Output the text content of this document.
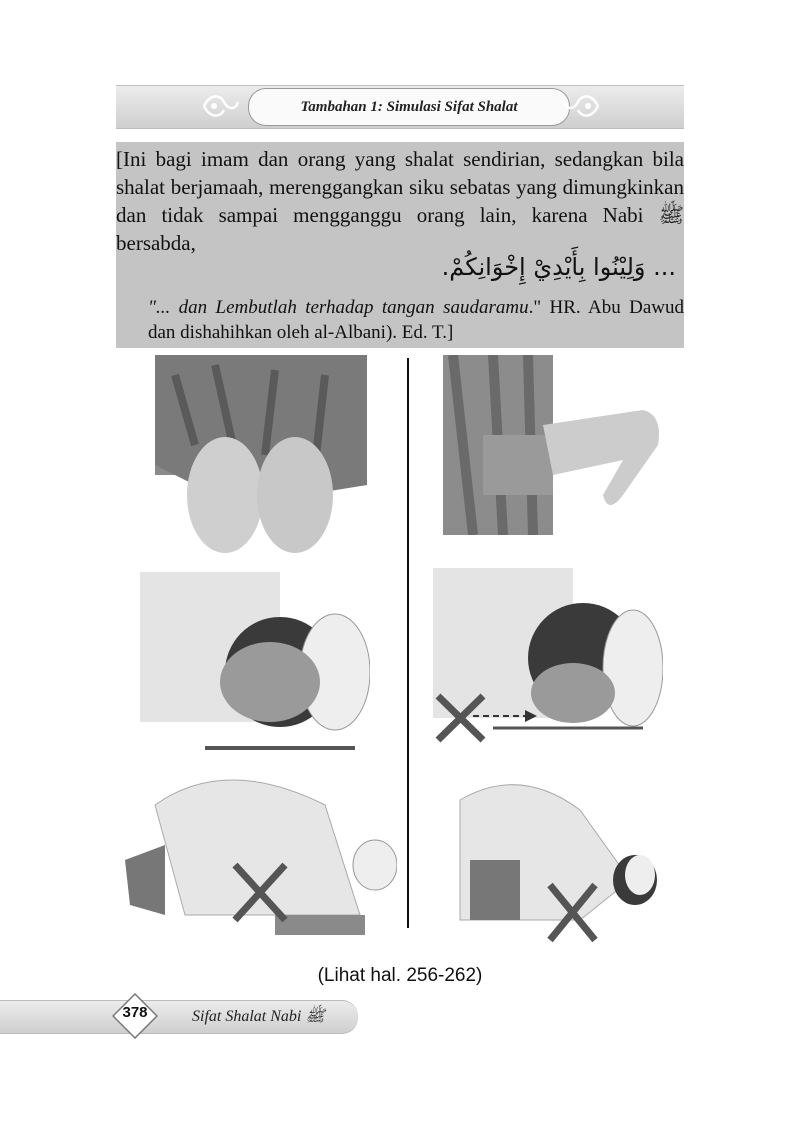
Tambahan 1: Simulasi Sifat Shalat
[Ini bagi imam dan orang yang shalat sendirian, sedangkan bila shalat berjamaah, merenggangkan siku sebatas yang dimungkinkan dan tidak sampai mengganggu orang lain, karena Nabi ﷺ bersabda,
... وَلِيْنُوا بِأَيْدِيْ إِخْوَانِكُمْ.
"... dan Lembutlah terhadap tangan saudaramu." HR. Abu Dawud dan dishahihkan oleh al-Albani). Ed. T.]
(Lihat hal. 256-262)
378	Sifat Shalat Nabi ﷺ
